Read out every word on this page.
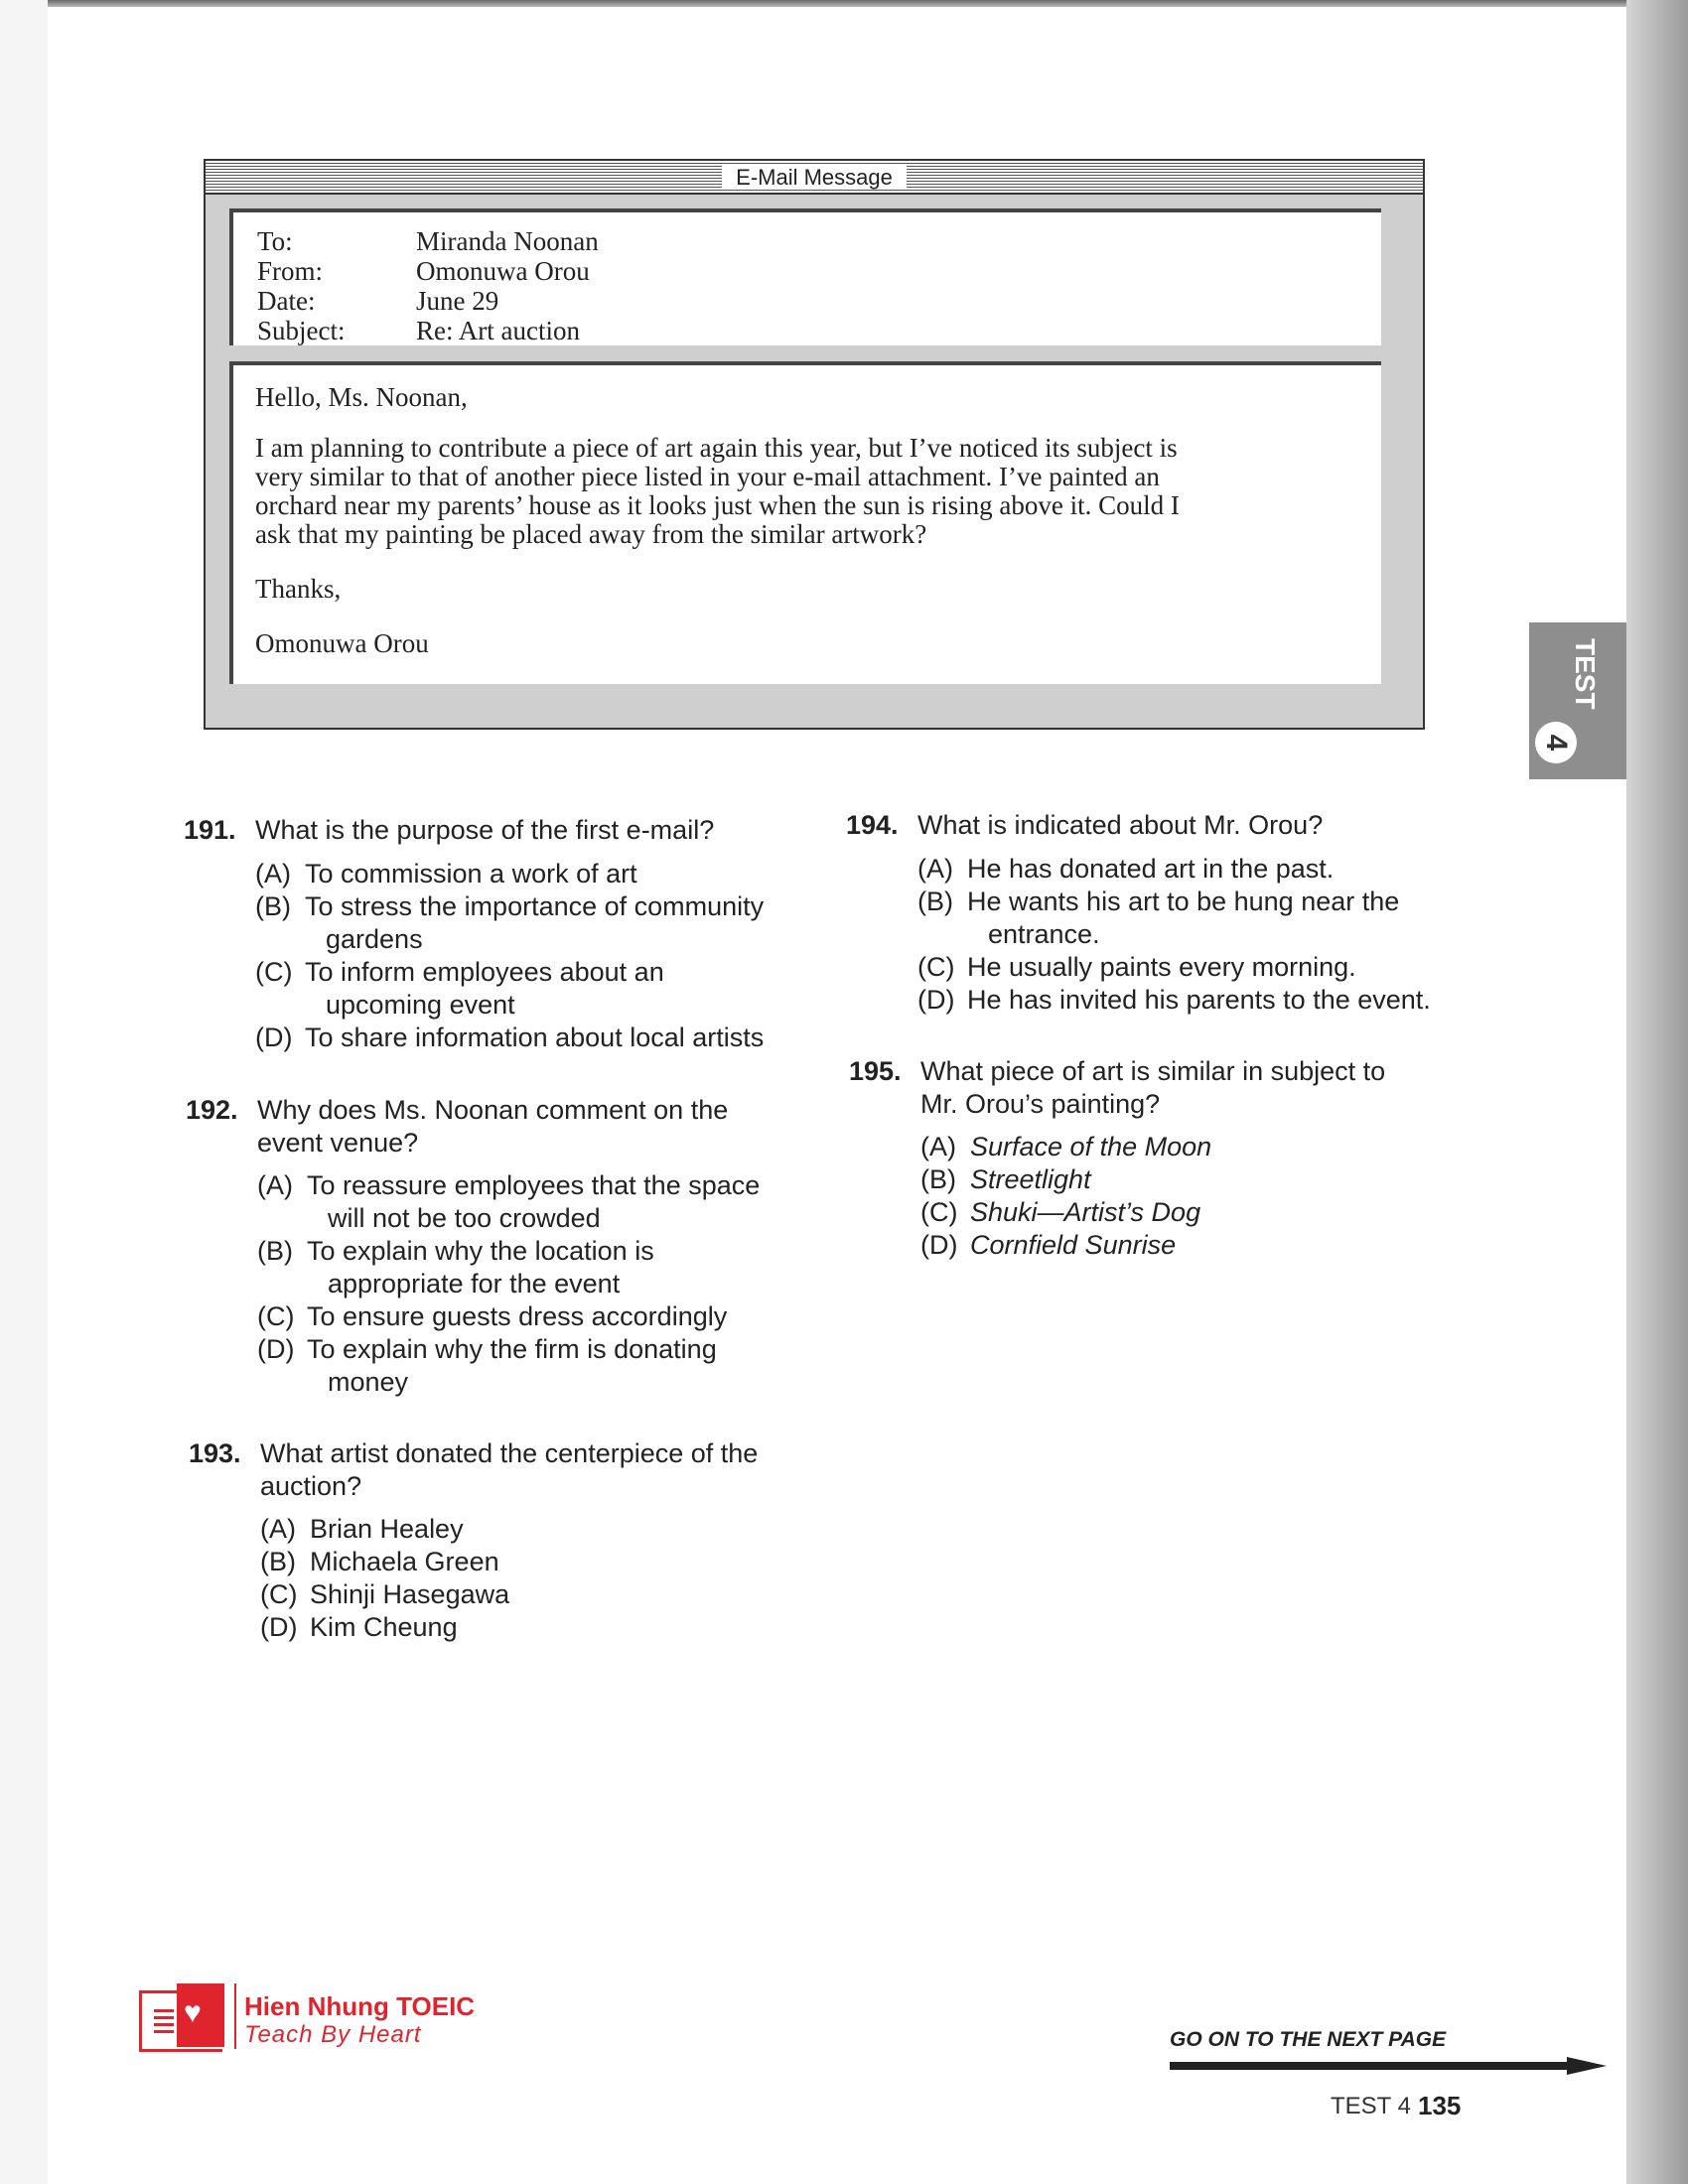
E-Mail Message
To:	Miranda Noonan
From:	Omonuwa Orou
Date:	June 29
Subject:	Re: Art auction

Hello, Ms. Noonan,

I am planning to contribute a piece of art again this year, but I’ve noticed its subject is
very similar to that of another piece listed in your e-mail attachment. I’ve painted an
orchard near my parents’ house as it looks just when the sun is rising above it. Could I
ask that my painting be placed away from the similar artwork?

Thanks,

Omonuwa Orou	TEST
4
191. What is the purpose of the first e-mail?
(A) To commission a work of art
(B) To stress the importance of community
gardens
(C) To inform employees about an
upcoming event
(D) To share information about local artists
192. Why does Ms. Noonan comment on the
event venue?
(A) To reassure employees that the space
will not be too crowded
(B) To explain why the location is
appropriate for the event
(C) To ensure guests dress accordingly
(D) To explain why the firm is donating
money
193. What artist donated the centerpiece of the
auction?
(A) Brian Healey
(B) Michaela Green
(C) Shinji Hasegawa
(D) Kim Cheung
194. What is indicated about Mr. Orou?
(A) He has donated art in the past.
(B) He wants his art to be hung near the
entrance.
(C) He usually paints every morning.
(D) He has invited his parents to the event.
195. What piece of art is similar in subject to
Mr. Orou’s painting?
(A) Surface of the Moon
(B) Streetlight
(C) Shuki—Artist’s Dog
(D) Cornfield Sunrise
♥ Hien Nhung TOEIC
Teach By Heart	GO ON TO THE NEXT PAGE
TEST 4 135
